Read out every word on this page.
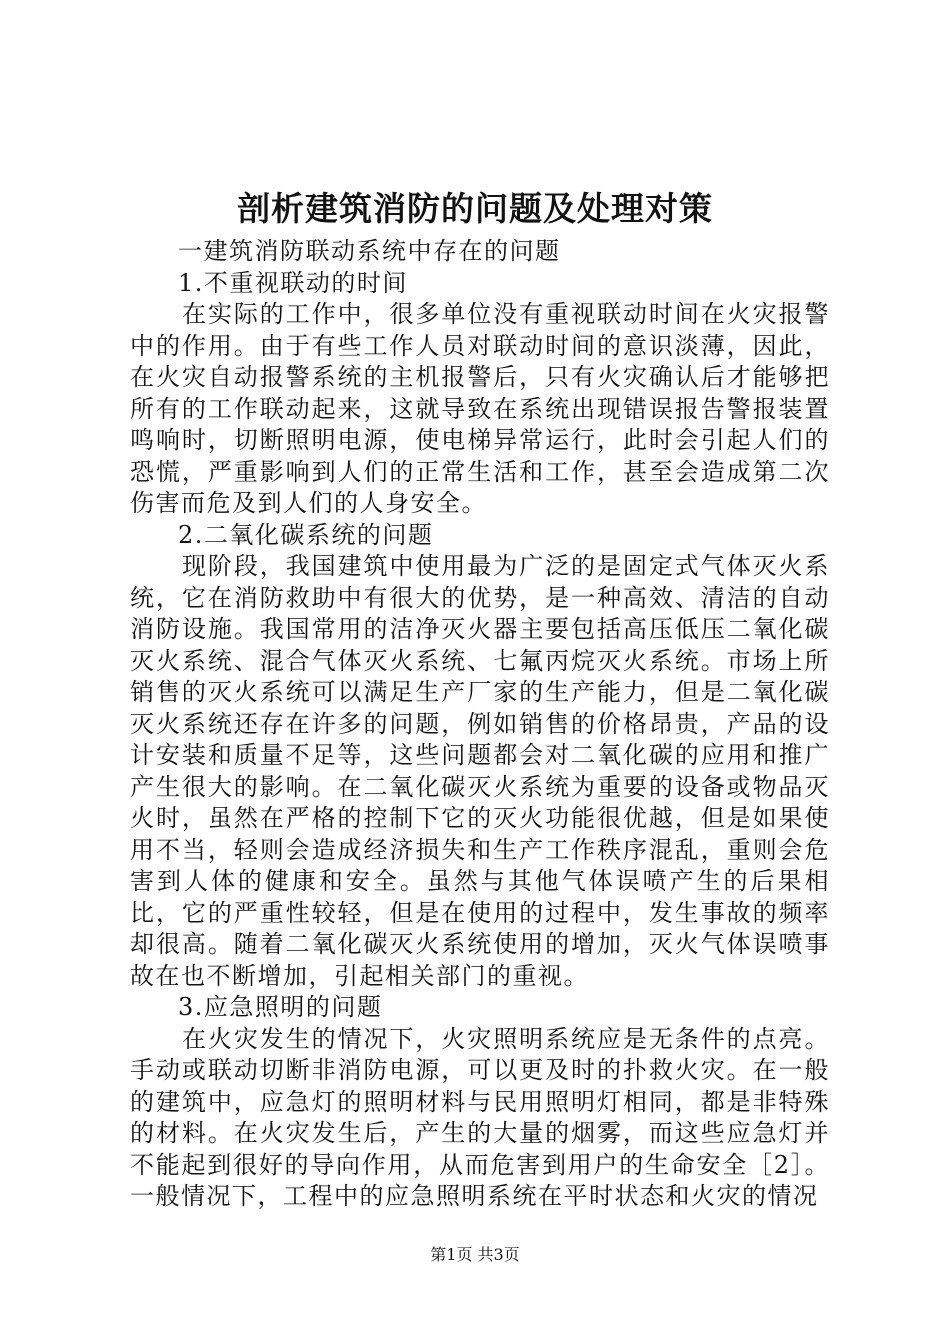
剖析建筑消防的问题及处理对策

一建筑消防联动系统中存在的问题

1.不重视联动的时间

在实际的工作中，很多单位没有重视联动时间在火灾报警中的作用。由于有些工作人员对联动时间的意识淡薄，因此，在火灾自动报警系统的主机报警后，只有火灾确认后才能够把所有的工作联动起来，这就导致在系统出现错误报告警报装置鸣响时，切断照明电源，使电梯异常运行，此时会引起人们的恐慌，严重影响到人们的正常生活和工作，甚至会造成第二次伤害而危及到人们的人身安全。

2.二氧化碳系统的问题

现阶段，我国建筑中使用最为广泛的是固定式气体灭火系统，它在消防救助中有很大的优势，是一种高效、清洁的自动消防设施。我国常用的洁净灭火器主要包括高压低压二氧化碳灭火系统、混合气体灭火系统、七氟丙烷灭火系统。市场上所销售的灭火系统可以满足生产厂家的生产能力，但是二氧化碳灭火系统还存在许多的问题，例如销售的价格昂贵，产品的设计安装和质量不足等，这些问题都会对二氧化碳的应用和推广产生很大的影响。在二氧化碳灭火系统为重要的设备或物品灭火时，虽然在严格的控制下它的灭火功能很优越，但是如果使用不当，轻则会造成经济损失和生产工作秩序混乱，重则会危害到人体的健康和安全。虽然与其他气体误喷产生的后果相比，它的严重性较轻，但是在使用的过程中，发生事故的频率却很高。随着二氧化碳灭火系统使用的增加，灭火气体误喷事故在也不断增加，引起相关部门的重视。

3.应急照明的问题

在火灾发生的情况下，火灾照明系统应是无条件的点亮。手动或联动切断非消防电源，可以更及时的扑救火灾。在一般的建筑中，应急灯的照明材料与民用照明灯相同，都是非特殊的材料。在火灾发生后，产生的大量的烟雾，而这些应急灯并不能起到很好的导向作用，从而危害到用户的生命安全［2］。一般情况下，工程中的应急照明系统在平时状态和火灾的情况

第1页 共3页
